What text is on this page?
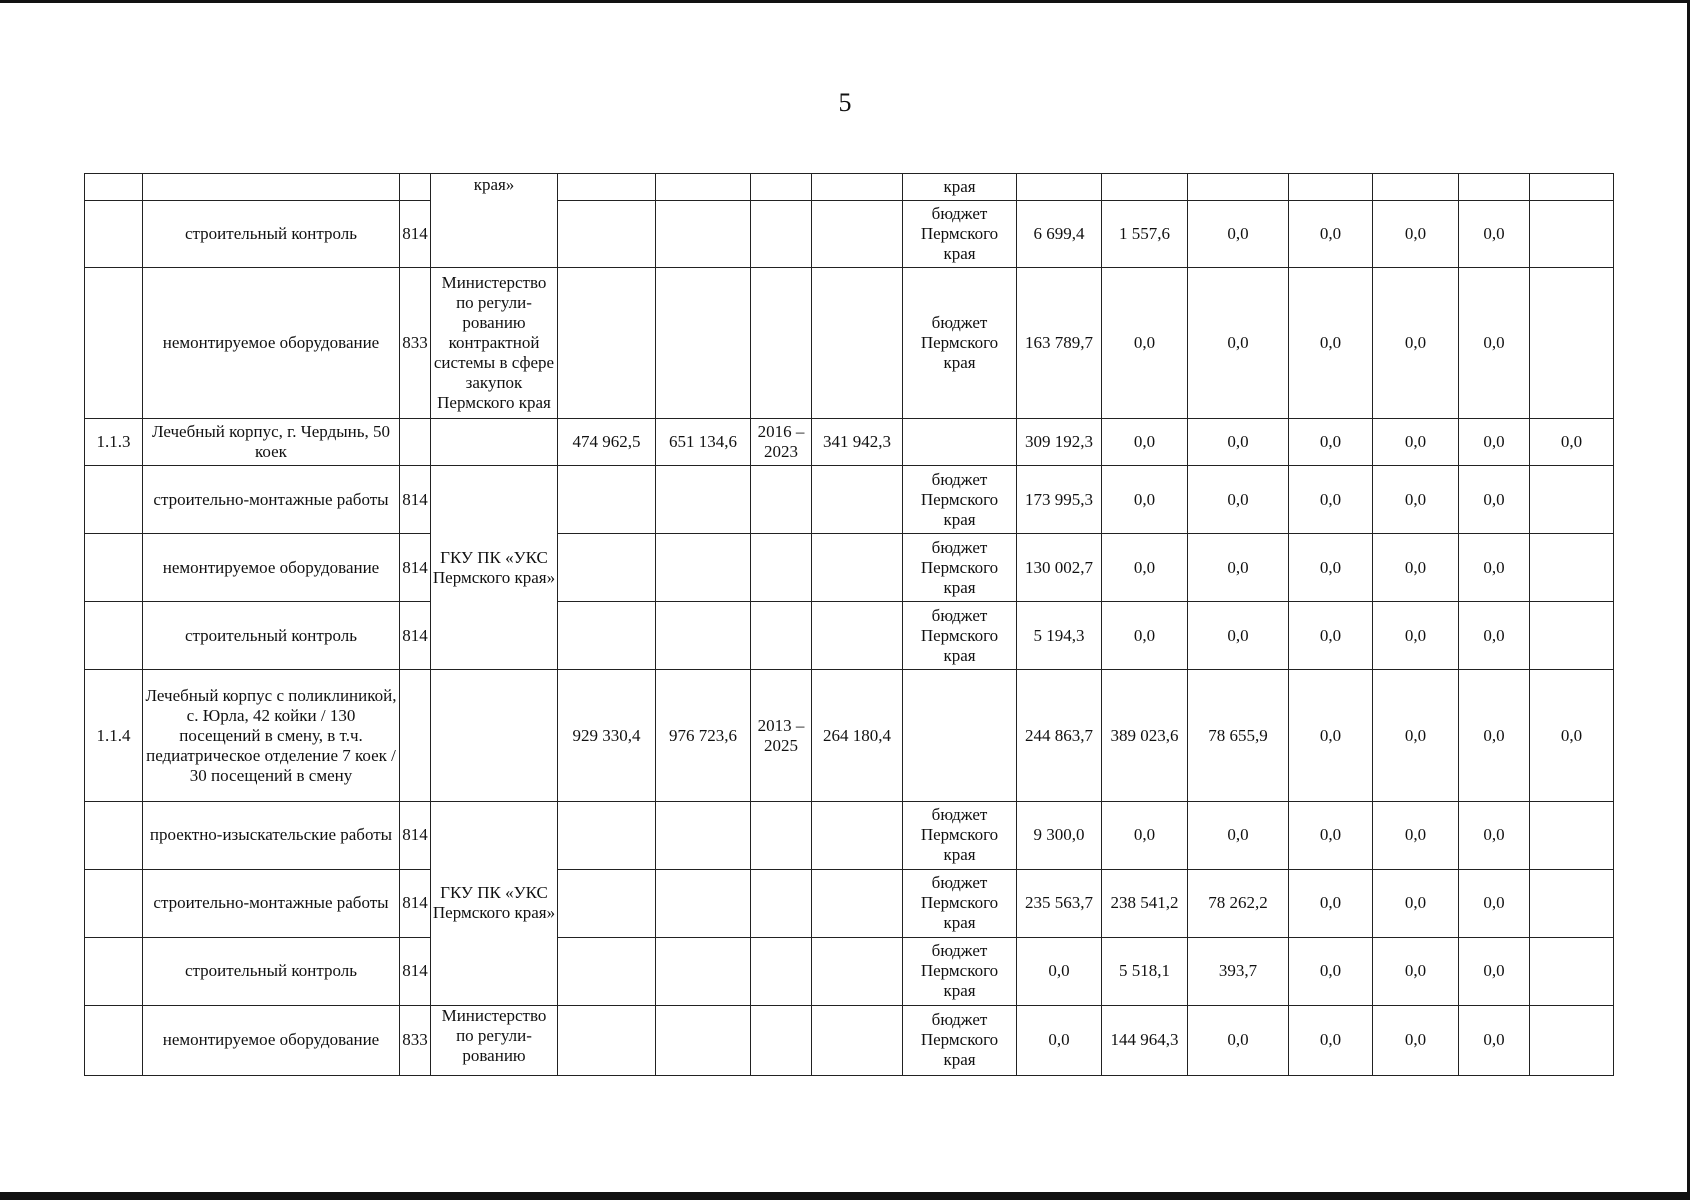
5
			края»					края							
	строительный контроль	814						бюджет Пермского края	6 699,4	1 557,6	0,0	0,0	0,0	0,0	
	немонтируемое оборудование	833	Министерство по регули-рованию контрактной системы в сфере закупок Пермского края					бюджет Пермского края	163 789,7	0,0	0,0	0,0	0,0	0,0	
1.1.3	Лечебный корпус, г. Чердынь, 50 коек			474 962,5	651 134,6	2016 – 2023	341 942,3		309 192,3	0,0	0,0	0,0	0,0	0,0	0,0
	строительно-монтажные работы	814	ГКУ ПК «УКС Пермского края»					бюджет Пермского края	173 995,3	0,0	0,0	0,0	0,0	0,0	
	немонтируемое оборудование	814						бюджет Пермского края	130 002,7	0,0	0,0	0,0	0,0	0,0	
	строительный контроль	814						бюджет Пермского края	5 194,3	0,0	0,0	0,0	0,0	0,0	
1.1.4	Лечебный корпус с поликлиникой, с. Юрла, 42 койки / 130 посещений в смену, в т.ч. педиатрическое отделение 7 коек / 30 посещений в смену			929 330,4	976 723,6	2013 – 2025	264 180,4		244 863,7	389 023,6	78 655,9	0,0	0,0	0,0	0,0
	проектно-изыскательские работы	814	ГКУ ПК «УКС Пермского края»					бюджет Пермского края	9 300,0	0,0	0,0	0,0	0,0	0,0	
	строительно-монтажные работы	814						бюджет Пермского края	235 563,7	238 541,2	78 262,2	0,0	0,0	0,0	
	строительный контроль	814						бюджет Пермского края	0,0	5 518,1	393,7	0,0	0,0	0,0	
	немонтируемое оборудование	833	Министерство по регули-рованию					бюджет Пермского края	0,0	144 964,3	0,0	0,0	0,0	0,0	
